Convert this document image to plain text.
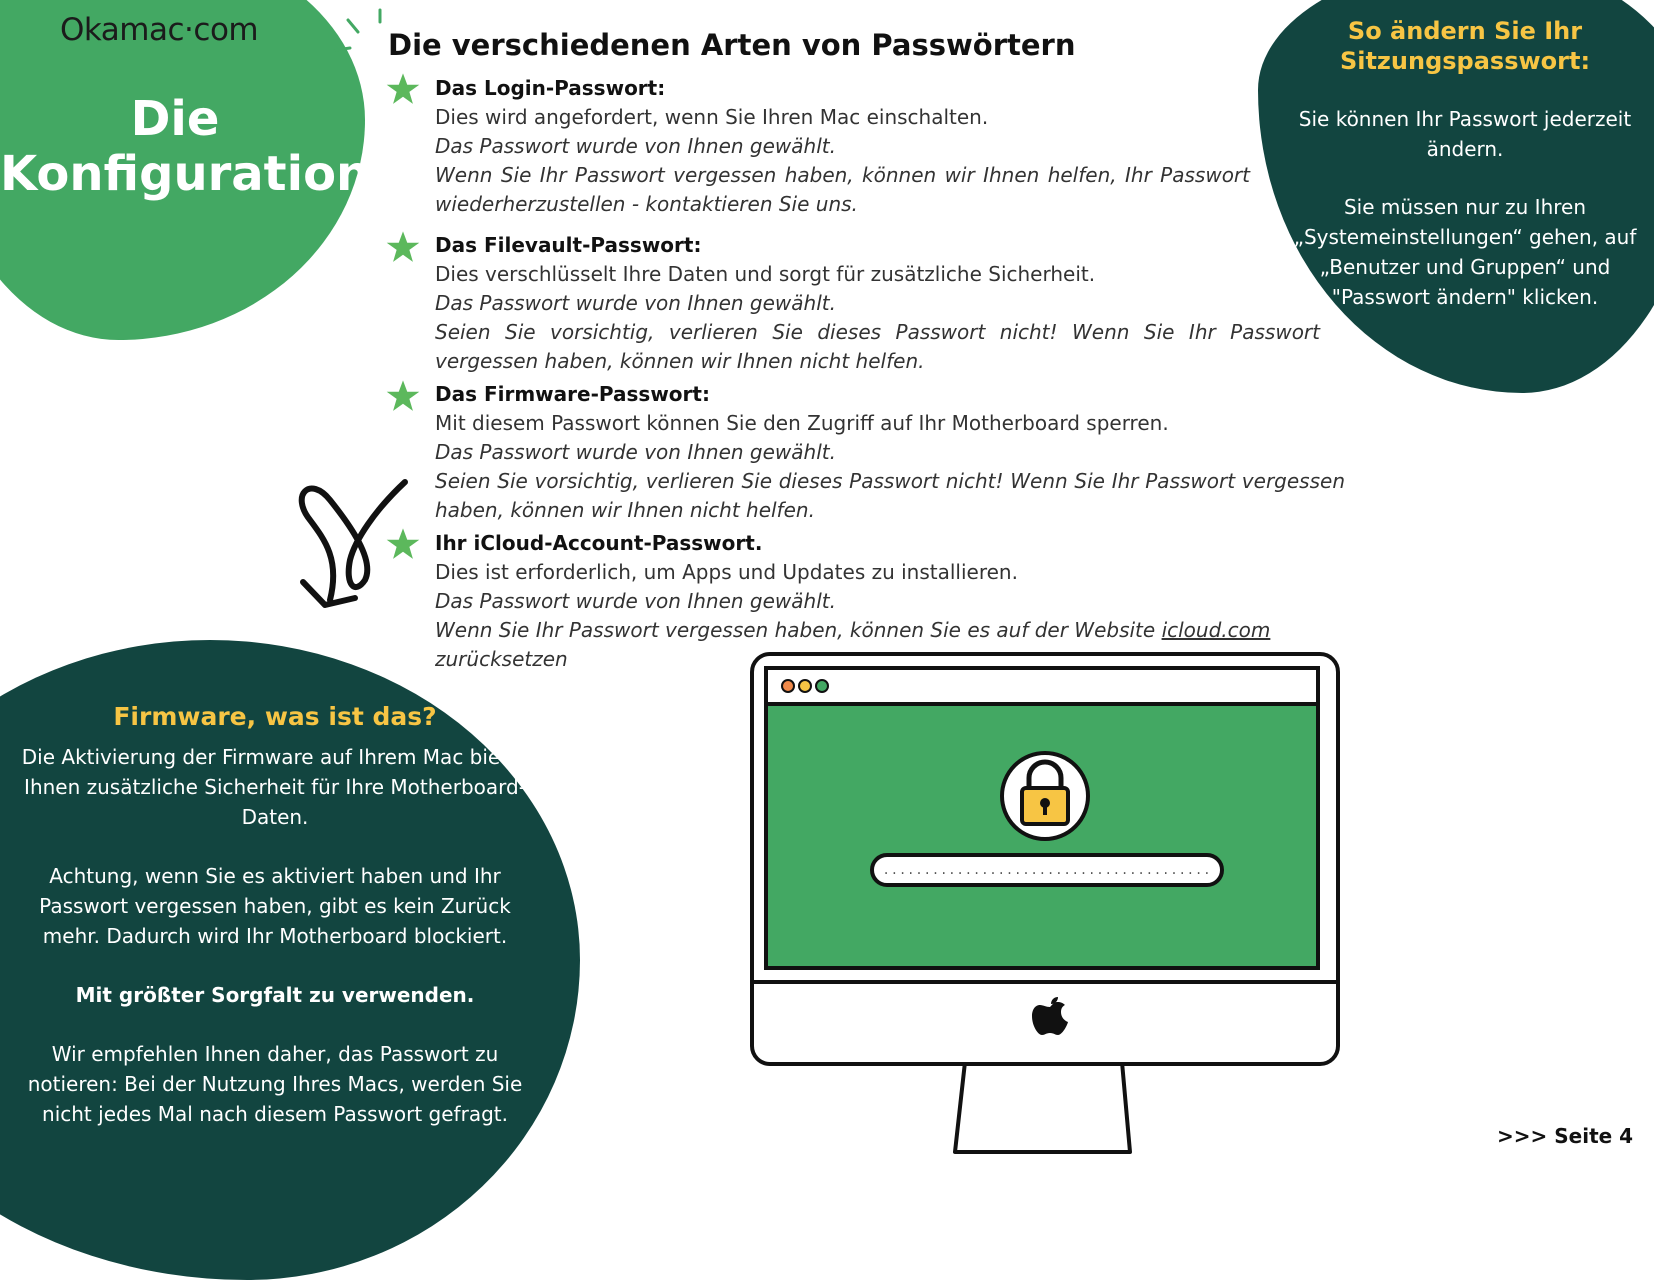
Okamac·com
Die
Konfiguration
So ändern Sie Ihr Sitzungspasswort:
Sie können Ihr Passwort jederzeit ändern.
Sie müssen nur zu Ihren „Systemeinstellungen“ gehen, auf „Benutzer und Gruppen“ und "Passwort ändern" klicken.
Firmware, was ist das?
Die Aktivierung der Firmware auf Ihrem Mac bietet Ihnen zusätzliche Sicherheit für Ihre Motherboard-Daten.
Achtung, wenn Sie es aktiviert haben und Ihr Passwort vergessen haben, gibt es kein Zurück mehr. Dadurch wird Ihr Motherboard blockiert.
Mit größter Sorgfalt zu verwenden.
Wir empfehlen Ihnen daher, das Passwort zu notieren: Bei der Nutzung Ihres Macs, werden Sie nicht jedes Mal nach diesem Passwort gefragt.
Die verschiedenen Arten von Passwörtern
Das Login-Passwort:
Dies wird angefordert, wenn Sie Ihren Mac einschalten.
Das Passwort wurde von Ihnen gewählt.
Wenn Sie Ihr Passwort vergessen haben, können wir Ihnen helfen, Ihr Passwort wiederherzustellen - kontaktieren Sie uns.
Das Filevault-Passwort:
Dies verschlüsselt Ihre Daten und sorgt für zusätzliche Sicherheit.
Das Passwort wurde von Ihnen gewählt.
Seien Sie vorsichtig, verlieren Sie dieses Passwort nicht! Wenn Sie Ihr Passwort vergessen haben, können wir Ihnen nicht helfen.
Das Firmware-Passwort:
Mit diesem Passwort können Sie den Zugriff auf Ihr Motherboard sperren.
Das Passwort wurde von Ihnen gewählt.
Seien Sie vorsichtig, verlieren Sie dieses Passwort nicht! Wenn Sie Ihr Passwort vergessen haben, können wir Ihnen nicht helfen.
Ihr iCloud-Account-Passwort.
Dies ist erforderlich, um Apps und Updates zu installieren.
Das Passwort wurde von Ihnen gewählt.
Wenn Sie Ihr Passwort vergessen haben, können Sie es auf der Website icloud.com zurücksetzen
........................................
>>> Seite 4
